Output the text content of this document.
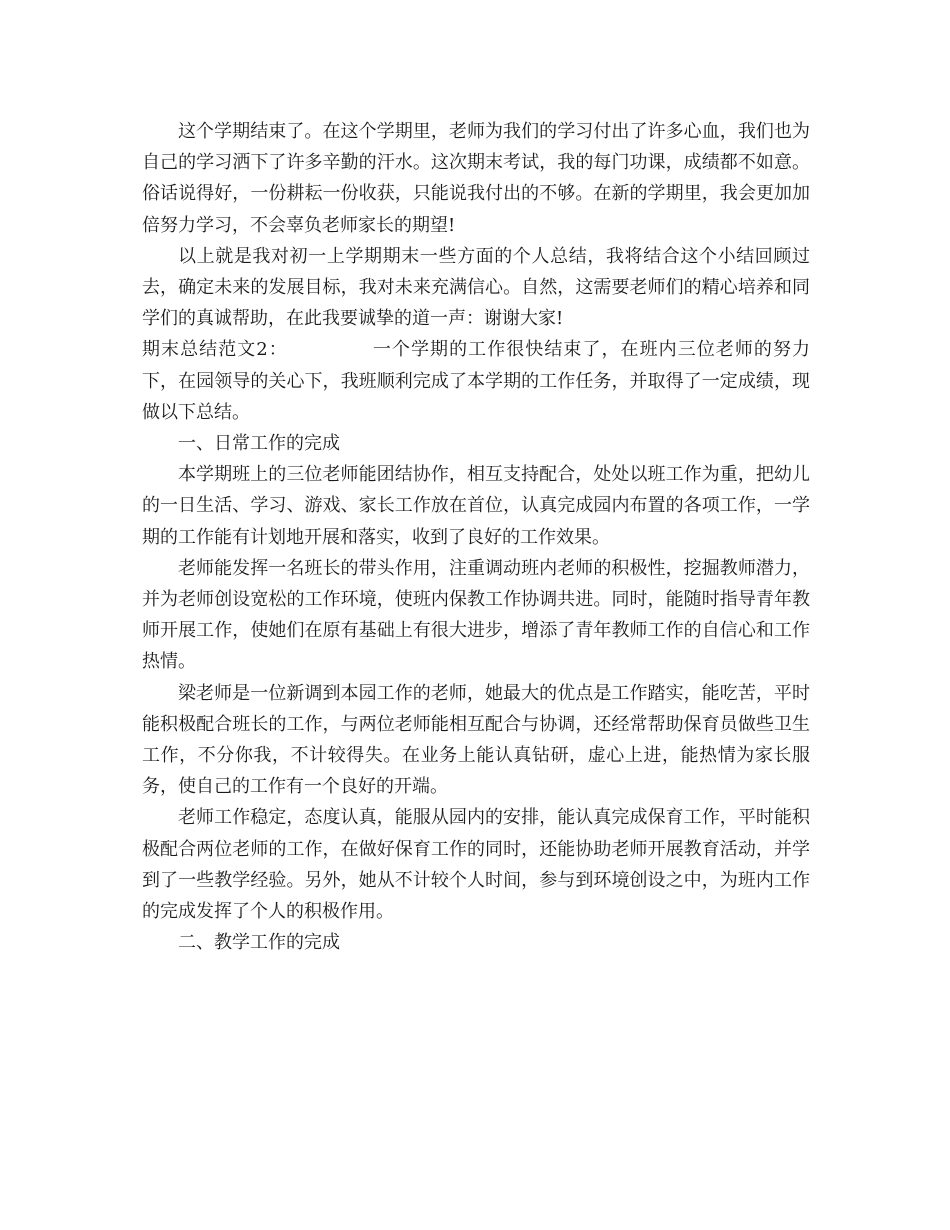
这个学期结束了。在这个学期里，老师为我们的学习付出了许多心血，我们也为自己的学习洒下了许多辛勤的汗水。这次期末考试，我的每门功课，成绩都不如意。俗话说得好，一份耕耘一份收获，只能说我付出的不够。在新的学期里，我会更加加倍努力学习，不会辜负老师家长的期望!

以上就是我对初一上学期期末一些方面的个人总结，我将结合这个小结回顾过去，确定未来的发展目标，我对未来充满信心。自然，这需要老师们的精心培养和同学们的真诚帮助，在此我要诚挚的道一声：谢谢大家!

期末总结范文2：	一个学期的工作很快结束了，在班内三位老师的努力下，在园领导的关心下，我班顺利完成了本学期的工作任务，并取得了一定成绩，现做以下总结。

一、日常工作的完成

本学期班上的三位老师能团结协作，相互支持配合，处处以班工作为重，把幼儿的一日生活、学习、游戏、家长工作放在首位，认真完成园内布置的各项工作，一学期的工作能有计划地开展和落实，收到了良好的工作效果。

老师能发挥一名班长的带头作用，注重调动班内老师的积极性，挖掘教师潜力，并为老师创设宽松的工作环境，使班内保教工作协调共进。同时，能随时指导青年教师开展工作，使她们在原有基础上有很大进步，增添了青年教师工作的自信心和工作热情。

梁老师是一位新调到本园工作的老师，她最大的优点是工作踏实，能吃苦，平时能积极配合班长的工作，与两位老师能相互配合与协调，还经常帮助保育员做些卫生工作，不分你我，不计较得失。在业务上能认真钻研，虚心上进，能热情为家长服务，使自己的工作有一个良好的开端。

老师工作稳定，态度认真，能服从园内的安排，能认真完成保育工作，平时能积极配合两位老师的工作，在做好保育工作的同时，还能协助老师开展教育活动，并学到了一些教学经验。另外，她从不计较个人时间，参与到环境创设之中，为班内工作的完成发挥了个人的积极作用。

二、教学工作的完成
